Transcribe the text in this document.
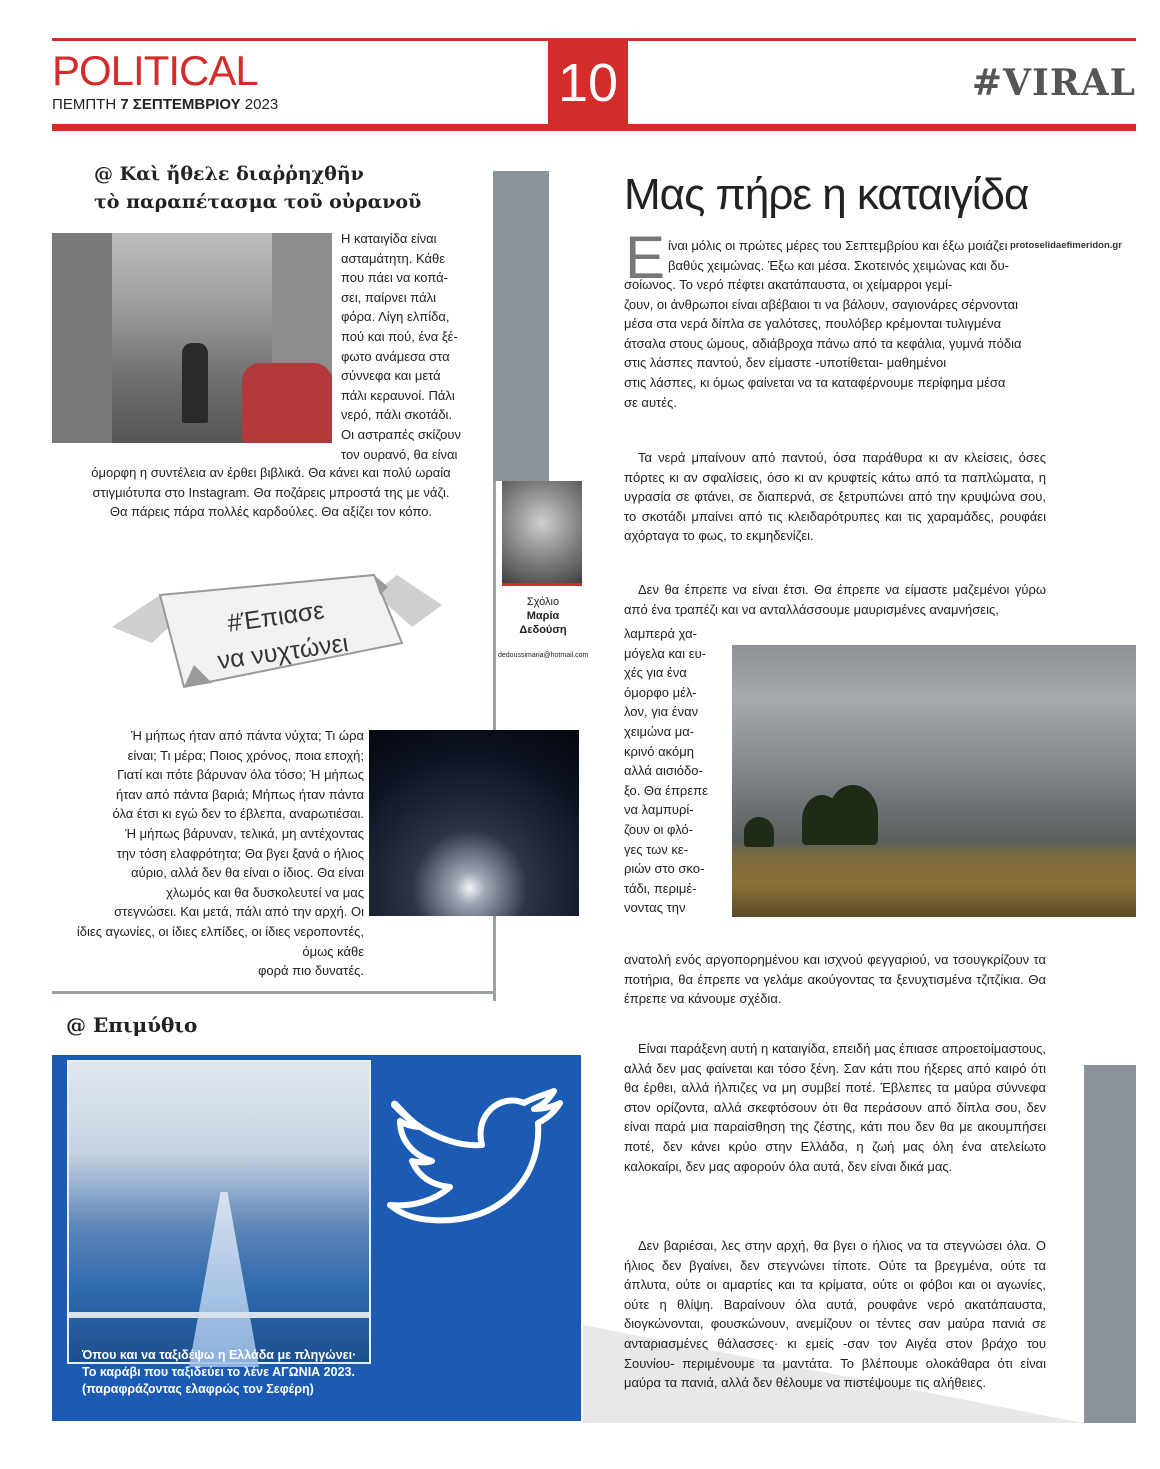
POLITICAL
ΠΕΜΠΤΗ 7 ΣΕΠΤΕΜΒΡΙΟΥ 2023	10	#VIRAL
@ Καὶ ἤθελε διαῤῥηχθῆν
τὸ παραπέτασμα τοῦ οὐρανοῦ
Η καταιγίδα είναι
ασταμάτητη. Κάθε
που πάει να κοπά-
σει, παίρνει πάλι
φόρα. Λίγη ελπίδα,
πού και πού, ένα ξέ-
φωτο ανάμεσα στα
σύννεφα και μετά
πάλι κεραυνοί. Πάλι
νερό, πάλι σκοτάδι.
Οι αστραπές σκίζουν
τον ουρανό, θα είναι
όμορφη η συντέλεια αν έρθει βιβλικά. Θα κάνει και πολύ ωραία στιγμιότυπα στο Instagram. Θα ποζάρεις μπροστά της με νάζι. Θα πάρεις πάρα πολλές καρδούλες. Θα αξίζει τον κόπο.
Σχόλιο
Μαρία
Δεδούση
dedoussimaria@hotmail.com
#Έπιασε
να νυχτώνει
Ή μήπως ήταν από πάντα νύχτα; Τι ώρα
είναι; Τι μέρα; Ποιος χρόνος, ποια εποχή;
Γιατί και πότε βάρυναν όλα τόσο; Ή μήπως
ήταν από πάντα βαριά; Μήπως ήταν πάντα
όλα έτσι κι εγώ δεν το έβλεπα, αναρωτιέσαι.
Ή μήπως βάρυναν, τελικά, μη αντέχοντας
την τόση ελαφρότητα; Θα βγει ξανά ο ήλιος
αύριο, αλλά δεν θα είναι ο ίδιος. Θα είναι
χλωμός και θα δυσκολευτεί να μας
στεγνώσει. Και μετά, πάλι από την αρχή. Οι
ίδιες αγωνίες, οι ίδιες ελπίδες, οι ίδιες νεροποντές, όμως κάθε
φορά πιο δυνατές.
@ Επιμύθιο
Όπου και να ταξιδέψω η Ελλάδα με πληγώνει·
Το καράβι που ταξιδεύει το λένε ΑΓΩΝΙΑ 2023.
(παραφράζοντας ελαφρώς τον Σεφέρη)
Μας πήρε η καταιγίδα
protoselidaefimeridon.gr
Ε ίναι μόλις οι πρώτες μέρες του Σεπτεμβρίου και έξω μοιάζει
βαθύς χειμώνας. Έξω και μέσα. Σκοτεινός χειμώνας και δυ-
σοίωνος. Το νερό πέφτει ακατάπαυστα, οι χείμαρροι γεμί-
ζουν, οι άνθρωποι είναι αβέβαιοι τι να βάλουν, σαγιονάρες σέρνονται
μέσα στα νερά δίπλα σε γαλότσες, πουλόβερ κρέμονται τυλιγμένα
άτσαλα στους ώμους, αδιάβροχα πάνω από τα κεφάλια, γυμνά πόδια
στις λάσπες παντού, δεν είμαστε -υποτίθεται- μαθημένοι
στις λάσπες, κι όμως φαίνεται να τα καταφέρνουμε περίφημα μέσα
σε αυτές.
Τα νερά μπαίνουν από παντού, όσα παράθυρα κι αν κλείσεις, όσες πόρτες κι αν σφαλίσεις, όσο κι αν κρυφτείς κάτω από τα παπλώματα, η υγρασία σε φτάνει, σε διαπερνά, σε ξετρυπώνει από την κρυψώνα σου, το σκοτάδι μπαίνει από τις κλειδαρότρυπες και τις χαραμάδες, ρουφάει αχόρταγα το φως, το εκμηδενίζει.
Δεν θα έπρεπε να είναι έτσι. Θα έπρεπε να είμαστε μαζεμένοι γύρω από ένα τραπέζι και να ανταλλάσσουμε μαυρισμένες αναμνήσεις,
λαμπερά χα-
μόγελα και ευ-
χές για ένα
όμορφο μέλ-
λον, για έναν
χειμώνα μα-
κρινό ακόμη
αλλά αισιόδο-
ξο. Θα έπρεπε
να λαμπυρί-
ζουν οι φλό-
γες των κε-
ριών στο σκο-
τάδι, περιμέ-
νοντας την
ανατολή ενός αργοπορημένου και ισχνού φεγγαριού, να τσουγκρίζουν τα ποτήρια, θα έπρεπε να γελάμε ακούγοντας τα ξενυχτισμένα τζιτζίκια. Θα έπρεπε να κάνουμε σχέδια.
Είναι παράξενη αυτή η καταιγίδα, επειδή μας έπιασε απροετοίμαστους, αλλά δεν μας φαίνεται και τόσο ξένη. Σαν κάτι που ήξερες από καιρό ότι θα έρθει, αλλά ήλπιζες να μη συμβεί ποτέ. Έβλεπες τα μαύρα σύννεφα στον ορίζοντα, αλλά σκεφτόσουν ότι θα περάσουν από δίπλα σου, δεν είναι παρά μια παραίσθηση της ζέστης, κάτι που δεν θα με ακουμπήσει ποτέ, δεν κάνει κρύο στην Ελλάδα, η ζωή μας όλη ένα ατελείωτο καλοκαίρι, δεν μας αφορούν όλα αυτά, δεν είναι δικά μας.
Δεν βαριέσαι, λες στην αρχή, θα βγει ο ήλιος να τα στεγνώσει όλα. Ο ήλιος δεν βγαίνει, δεν στεγνώνει τίποτε. Ούτε τα βρεγμένα, ούτε τα άπλυτα, ούτε οι αμαρτίες και τα κρίματα, ούτε οι φόβοι και οι αγωνίες, ούτε η θλίψη. Βαραίνουν όλα αυτά, ρουφάνε νερό ακατάπαυστα, διογκώνονται, φουσκώνουν, ανεμίζουν οι τέντες σαν μαύρα πανιά σε ανταριασμένες θάλασσες· κι εμείς -σαν τον Αιγέα στον βράχο του Σουνίου- περιμένουμε τα μαντάτα. Το βλέπουμε ολοκάθαρα ότι είναι μαύρα τα πανιά, αλλά δεν θέλουμε να πιστέψουμε τις αλήθειες.
